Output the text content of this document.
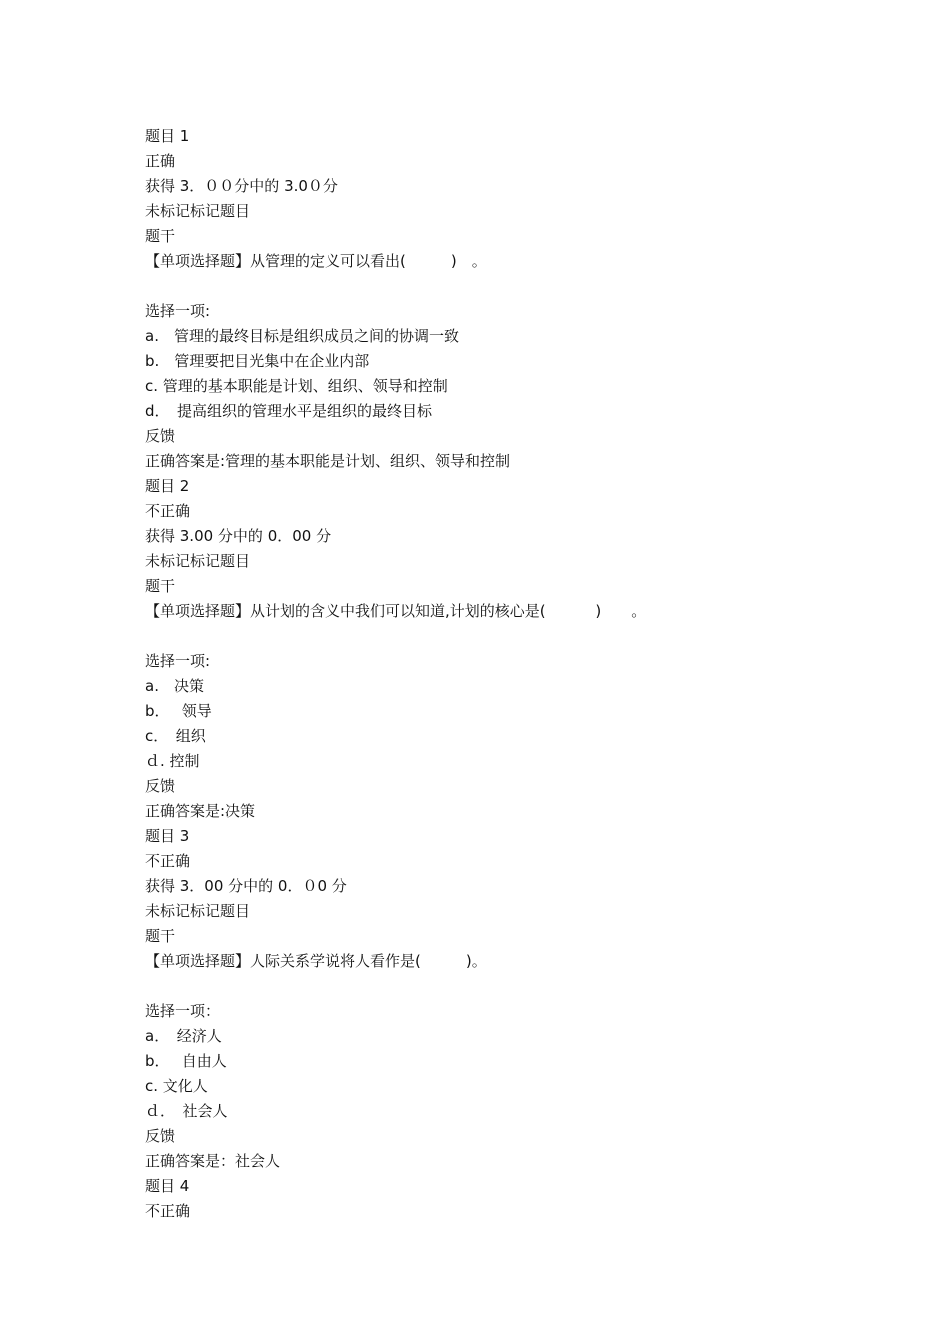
题目 1
正确
获得 3．００分中的 3.0０分
未标记标记题目
题干
【单项选择题】从管理的定义可以看出(　　　)　。
选择一项:
a.　管理的最终目标是组织成员之间的协调一致
b.　管理要把目光集中在企业内部
c. 管理的基本职能是计划、组织、领导和控制
d．　提高组织的管理水平是组织的最终目标
反馈
正确答案是:管理的基本职能是计划、组织、领导和控制
题目 2
不正确
获得 3.00 分中的 0．00 分
未标记标记题目
题干
【单项选择题】从计划的含义中我们可以知道,计划的核心是(　　　 )　　。
选择一项:
a.　决策
b．　 领导
c．　组织
ｄ. 控制
反馈
正确答案是:决策
题目 3
不正确
获得 3．00 分中的 0．０0 分
未标记标记题目
题干
【单项选择题】人际关系学说将人看作是(　　　)。
选择一项：
a．　经济人
b．　 自由人
c. 文化人
ｄ．　社会人
反馈
正确答案是：社会人
题目 4
不正确
